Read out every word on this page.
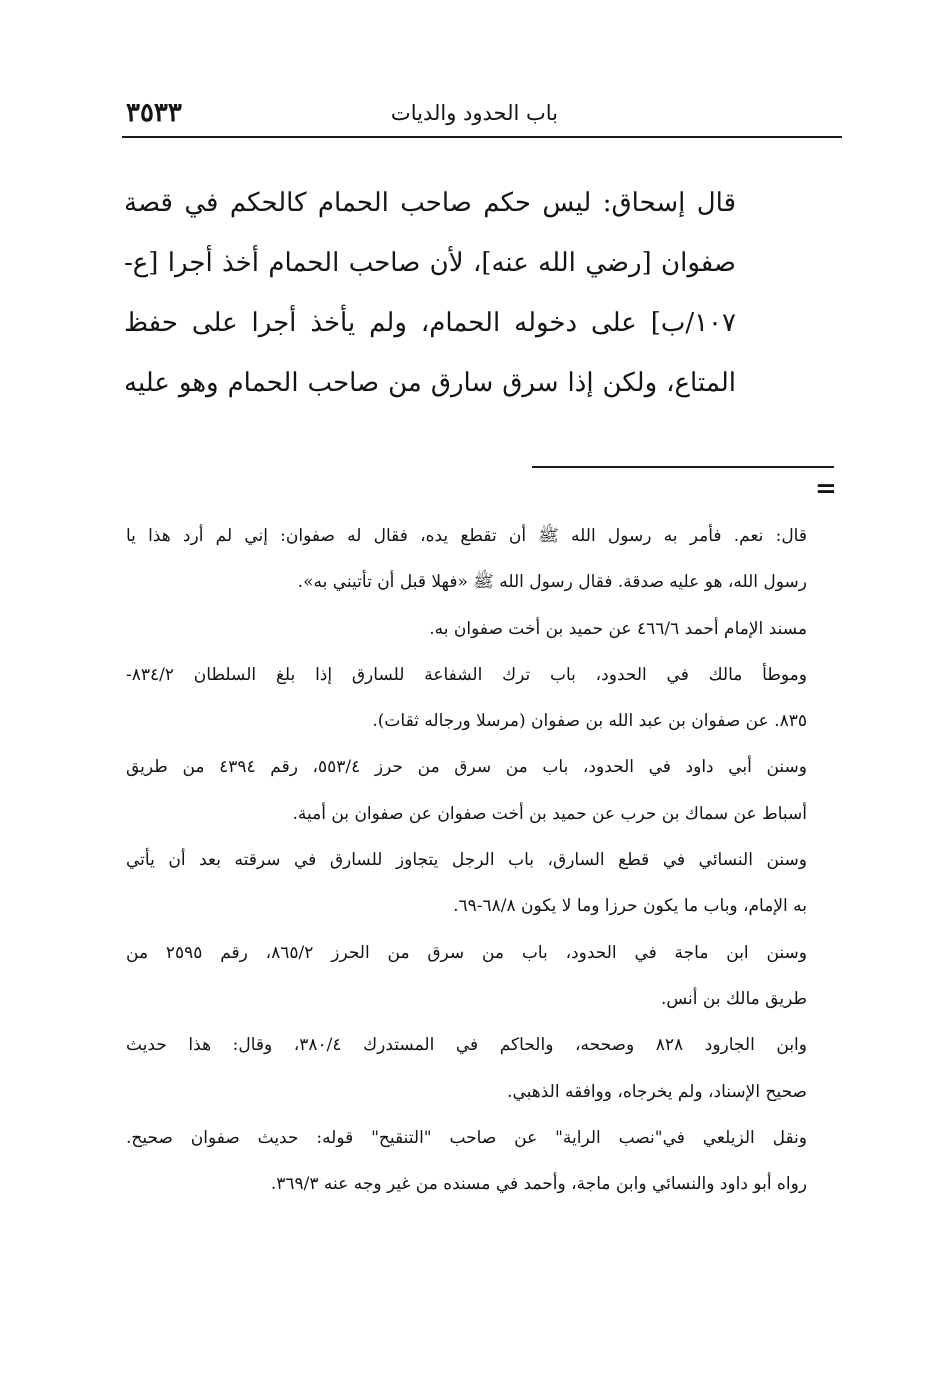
٣٥٣٣	باب الحدود والديات
قال إسحاق: ليس حكم صاحب الحمام كالحكم في قصة
صفوان [رضي الله عنه]، لأن صاحب الحمام أخذ أجرا [ع-
١٠٧/ب] على دخوله الحمام، ولم يأخذ أجرا على حفظ
المتاع، ولكن إذا سرق سارق من صاحب الحمام وهو عليه
=
قال: نعم. فأمر به رسول الله ﷺ أن تقطع يده، فقال له صفوان: إني لم أرد هذا يا
رسول الله، هو عليه صدقة. فقال رسول الله ﷺ «فهلا قبل أن تأتيني به».
مسند الإمام أحمد ٤٦٦/٦ عن حميد بن أخت صفوان به.
وموطأ مالك في الحدود، باب ترك الشفاعة للسارق إذا بلغ السلطان ٨٣٤/٢-
٨٣٥. عن صفوان بن عبد الله بن صفوان (مرسلا ورجاله ثقات).
وسنن أبي داود في الحدود، باب من سرق من حرز ٥٥٣/٤، رقم ٤٣٩٤ من طريق
أسباط عن سماك بن حرب عن حميد بن أخت صفوان عن صفوان بن أمية.
وسنن النسائي في قطع السارق، باب الرجل يتجاوز للسارق في سرقته بعد أن يأتي
به الإمام، وباب ما يكون حرزا وما لا يكون ٦٨/٨-٦٩.
وسنن ابن ماجة في الحدود، باب من سرق من الحرز ٨٦٥/٢، رقم ٢٥٩٥ من
طريق مالك بن أنس.
وابن الجارود ٨٢٨ وصححه، والحاكم في المستدرك ٣٨٠/٤، وقال: هذا حديث
صحيح الإسناد، ولم يخرجاه، ووافقه الذهبي.
ونقل الزيلعي في"نصب الراية" عن صاحب "التنقيح" قوله: حديث صفوان صحيح.
رواه أبو داود والنسائي وابن ماجة، وأحمد في مسنده من غير وجه عنه ٣٦٩/٣.
